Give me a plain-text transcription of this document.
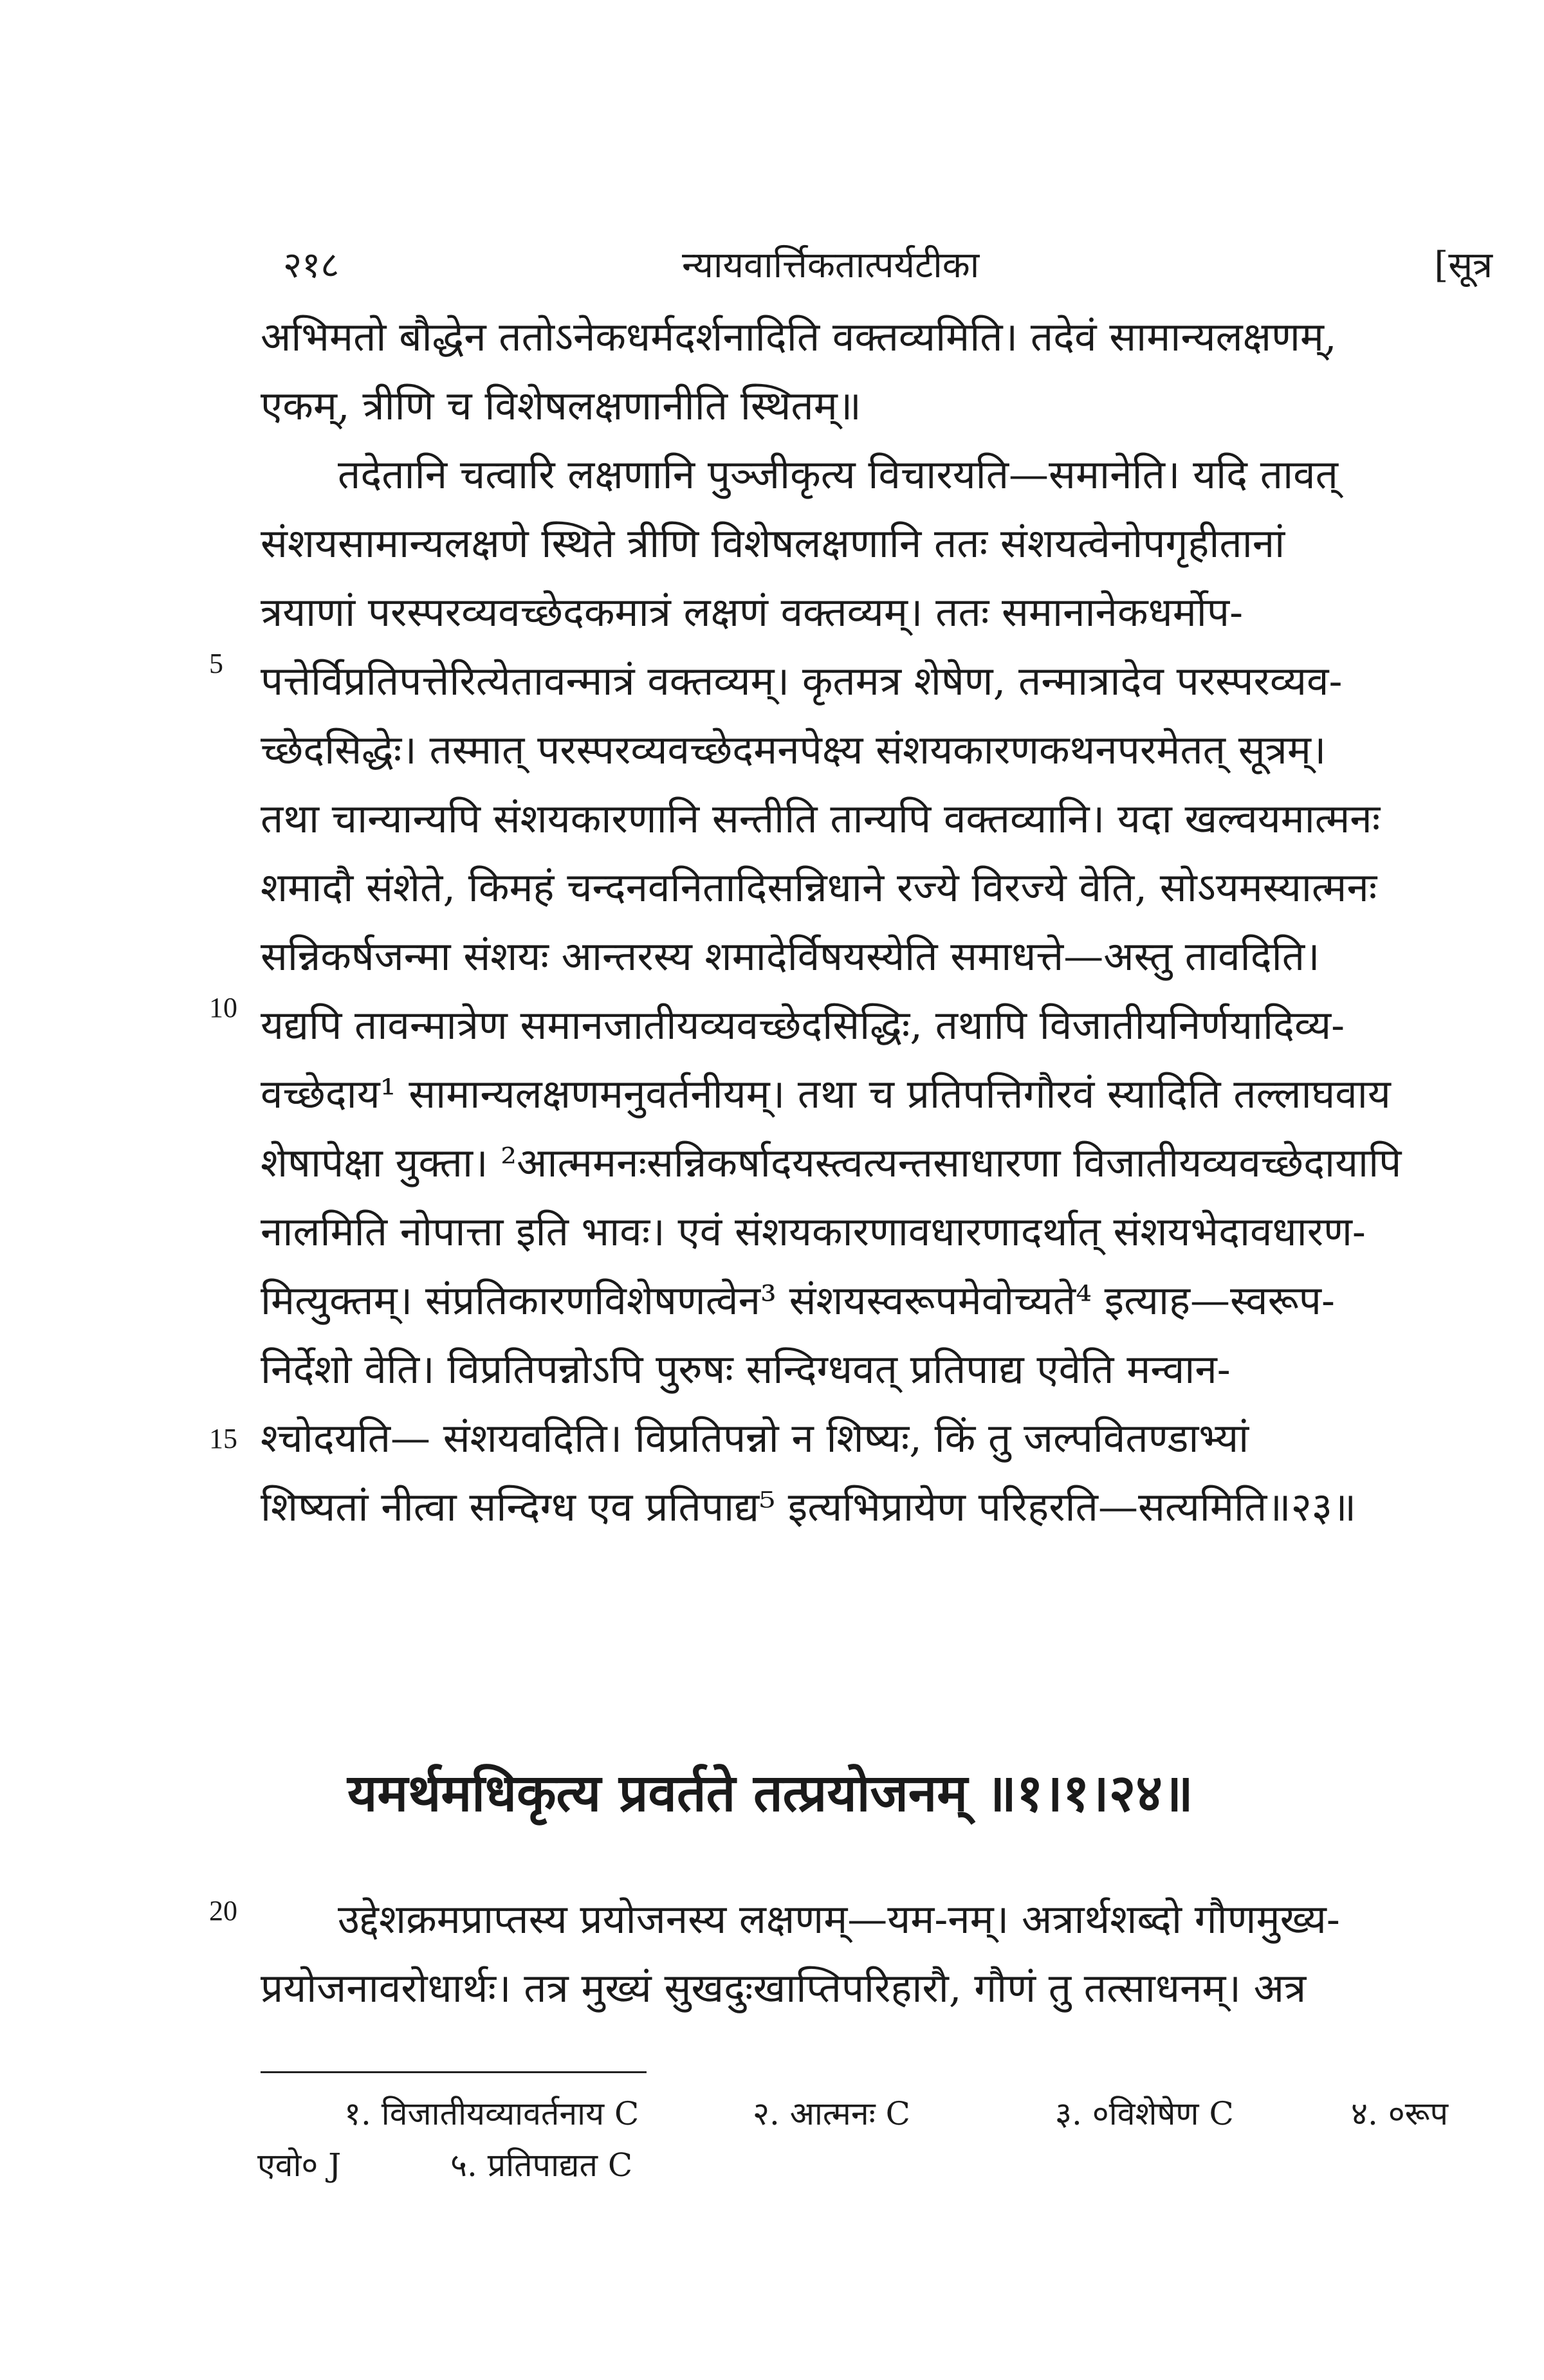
२१८	न्यायवार्त्तिकतात्पर्यटीका	[सूत्र
अभिमतो बौद्धेन ततोऽनेकधर्मदर्शनादिति वक्तव्यमिति। तदेवं सामान्यलक्षणम्,
एकम्, त्रीणि च विशेषलक्षणानीति स्थितम्॥
तदेतानि चत्वारि लक्षणानि पुञ्जीकृत्य विचारयति—समानेति। यदि तावत्
संशयसामान्यलक्षणे स्थिते त्रीणि विशेषलक्षणानि ततः संशयत्वेनोपगृहीतानां
त्रयाणां परस्परव्यवच्छेदकमात्रं लक्षणं वक्तव्यम्। ततः समानानेकधर्मोप-
पत्तेर्विप्रतिपत्तेरित्येतावन्मात्रं वक्तव्यम्। कृतमत्र शेषेण, तन्मात्रादेव परस्परव्यव-
च्छेदसिद्धेः। तस्मात् परस्परव्यवच्छेदमनपेक्ष्य संशयकारणकथनपरमेतत् सूत्रम्।
तथा चान्यान्यपि संशयकारणानि सन्तीति तान्यपि वक्तव्यानि। यदा खल्वयमात्मनः
शमादौ संशेते, किमहं चन्दनवनितादिसन्निधाने रज्ये विरज्ये वेति, सोऽयमस्यात्मनः
सन्निकर्षजन्मा संशयः आन्तरस्य शमादेर्विषयस्येति समाधत्ते—अस्तु तावदिति।
यद्यपि तावन्मात्रेण समानजातीयव्यवच्छेदसिद्धिः, तथापि विजातीयनिर्णयादिव्य-
वच्छेदाय¹ सामान्यलक्षणमनुवर्तनीयम्। तथा च प्रतिपत्तिगौरवं स्यादिति तल्लाघवाय
शेषापेक्षा युक्ता। ²आत्ममनःसन्निकर्षादयस्त्वत्यन्तसाधारणा विजातीयव्यवच्छेदायापि
नालमिति नोपात्ता इति भावः। एवं संशयकारणावधारणादर्थात् संशयभेदावधारण-
मित्युक्तम्। संप्रतिकारणविशेषणत्वेन³ संशयस्वरूपमेवोच्यते⁴ इत्याह—स्वरूप-
निर्देशो वेति। विप्रतिपन्नोऽपि पुरुषः सन्दिग्धवत् प्रतिपाद्य एवेति मन्वान-
श्चोदयति— संशयवदिति। विप्रतिपन्नो न शिष्यः, किं तु जल्पवितण्डाभ्यां
शिष्यतां नीत्वा सन्दिग्ध एव प्रतिपाद्य⁵ इत्यभिप्रायेण परिहरति—सत्यमिति॥२३॥
5
10
15
20
यमर्थमधिकृत्य प्रवर्तते तत्प्रयोजनम् ॥१।१।२४॥
उद्देशक्रमप्राप्तस्य प्रयोजनस्य लक्षणम्—यम-नम्। अत्रार्थशब्दो गौणमुख्य-
प्रयोजनावरोधार्थः। तत्र मुख्यं सुखदुःखाप्तिपरिहारौ, गौणं तु तत्साधनम्। अत्र
१. विजातीयव्यावर्तनाय C	२. आत्मनः C	३. ०विशेषेण C	४. ०रूप
एवो० J	५. प्रतिपाद्यत C
